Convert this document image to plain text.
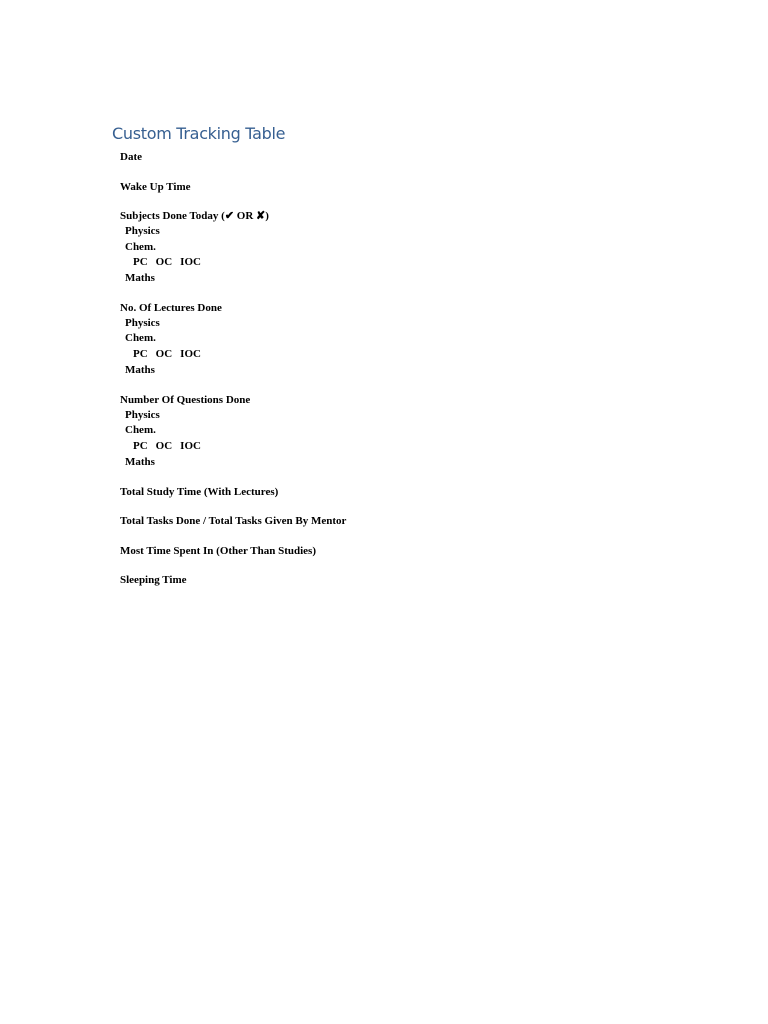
Custom Tracking Table
Date
Wake Up Time
Subjects Done Today (✔ OR ✘)
Physics
Chem.
PC OC IOC
Maths
No. Of Lectures Done
Physics
Chem.
PC OC IOC
Maths
Number Of Questions Done
Physics
Chem.
PC OC IOC
Maths
Total Study Time (With Lectures)
Total Tasks Done / Total Tasks Given By Mentor
Most Time Spent In (Other Than Studies)
Sleeping Time
